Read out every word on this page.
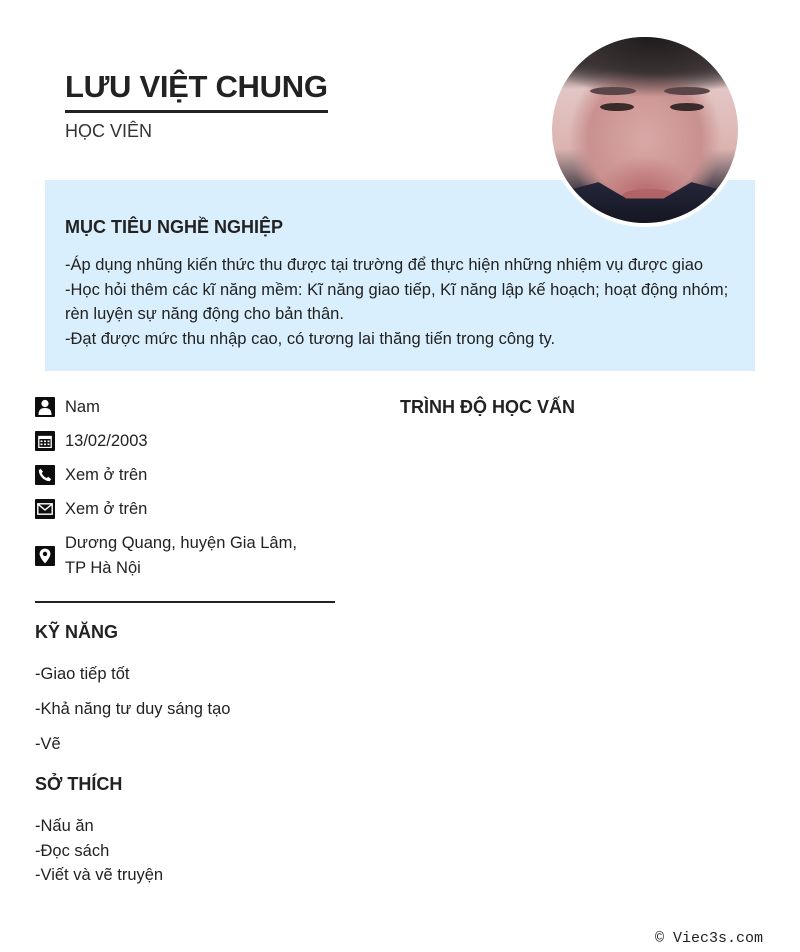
LƯU VIỆT CHUNG
HỌC VIÊN
MỤC TIÊU NGHỀ NGHIỆP
-Áp dụng nhũng kiến thức thu được tại trường để thực hiện những nhiệm vụ được giao
-Học hỏi thêm các kĩ năng mềm: Kĩ năng giao tiếp, Kĩ năng lập kế hoạch; hoạt động nhóm; rèn luyện sự năng động cho bản thân.
-Đạt được mức thu nhập cao, có tương lai thăng tiến trong công ty.
Nam
13/02/2003
Xem ở trên
Xem ở trên
Dương Quang, huyện Gia Lâm, TP Hà Nội
KỸ NĂNG
-Giao tiếp tốt
-Khả năng tư duy sáng tạo
-Vẽ
SỞ THÍCH
-Nấu ăn
-Đọc sách
-Viết và vẽ truyện
TRÌNH ĐỘ HỌC VẤN
© Viec3s.com
